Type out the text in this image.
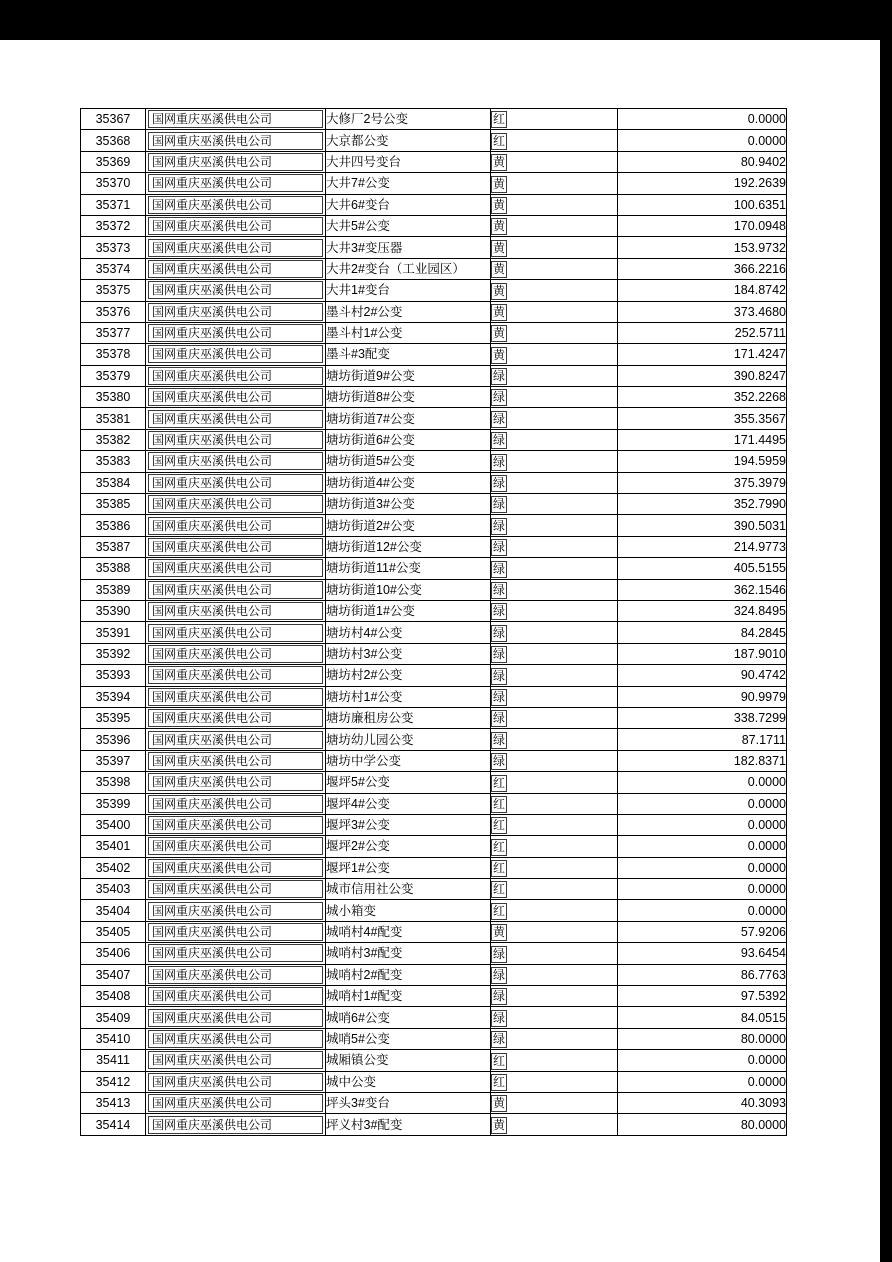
35367	国网重庆巫溪供电公司	大修厂2号公变	红	0.0000
35368	国网重庆巫溪供电公司	大京都公变	红	0.0000
35369	国网重庆巫溪供电公司	大井四号变台	黄	80.9402
35370	国网重庆巫溪供电公司	大井7#公变	黄	192.2639
35371	国网重庆巫溪供电公司	大井6#变台	黄	100.6351
35372	国网重庆巫溪供电公司	大井5#公变	黄	170.0948
35373	国网重庆巫溪供电公司	大井3#变压器	黄	153.9732
35374	国网重庆巫溪供电公司	大井2#变台（工业园区）	黄	366.2216
35375	国网重庆巫溪供电公司	大井1#变台	黄	184.8742
35376	国网重庆巫溪供电公司	墨斗村2#公变	黄	373.4680
35377	国网重庆巫溪供电公司	墨斗村1#公变	黄	252.5711
35378	国网重庆巫溪供电公司	墨斗#3配变	黄	171.4247
35379	国网重庆巫溪供电公司	塘坊街道9#公变	绿	390.8247
35380	国网重庆巫溪供电公司	塘坊街道8#公变	绿	352.2268
35381	国网重庆巫溪供电公司	塘坊街道7#公变	绿	355.3567
35382	国网重庆巫溪供电公司	塘坊街道6#公变	绿	171.4495
35383	国网重庆巫溪供电公司	塘坊街道5#公变	绿	194.5959
35384	国网重庆巫溪供电公司	塘坊街道4#公变	绿	375.3979
35385	国网重庆巫溪供电公司	塘坊街道3#公变	绿	352.7990
35386	国网重庆巫溪供电公司	塘坊街道2#公变	绿	390.5031
35387	国网重庆巫溪供电公司	塘坊街道12#公变	绿	214.9773
35388	国网重庆巫溪供电公司	塘坊街道11#公变	绿	405.5155
35389	国网重庆巫溪供电公司	塘坊街道10#公变	绿	362.1546
35390	国网重庆巫溪供电公司	塘坊街道1#公变	绿	324.8495
35391	国网重庆巫溪供电公司	塘坊村4#公变	绿	84.2845
35392	国网重庆巫溪供电公司	塘坊村3#公变	绿	187.9010
35393	国网重庆巫溪供电公司	塘坊村2#公变	绿	90.4742
35394	国网重庆巫溪供电公司	塘坊村1#公变	绿	90.9979
35395	国网重庆巫溪供电公司	塘坊廉租房公变	绿	338.7299
35396	国网重庆巫溪供电公司	塘坊幼儿园公变	绿	87.1711
35397	国网重庆巫溪供电公司	塘坊中学公变	绿	182.8371
35398	国网重庆巫溪供电公司	堰坪5#公变	红	0.0000
35399	国网重庆巫溪供电公司	堰坪4#公变	红	0.0000
35400	国网重庆巫溪供电公司	堰坪3#公变	红	0.0000
35401	国网重庆巫溪供电公司	堰坪2#公变	红	0.0000
35402	国网重庆巫溪供电公司	堰坪1#公变	红	0.0000
35403	国网重庆巫溪供电公司	城市信用社公变	红	0.0000
35404	国网重庆巫溪供电公司	城小箱变	红	0.0000
35405	国网重庆巫溪供电公司	城哨村4#配变	黄	57.9206
35406	国网重庆巫溪供电公司	城哨村3#配变	绿	93.6454
35407	国网重庆巫溪供电公司	城哨村2#配变	绿	86.7763
35408	国网重庆巫溪供电公司	城哨村1#配变	绿	97.5392
35409	国网重庆巫溪供电公司	城哨6#公变	绿	84.0515
35410	国网重庆巫溪供电公司	城哨5#公变	绿	80.0000
35411	国网重庆巫溪供电公司	城厢镇公变	红	0.0000
35412	国网重庆巫溪供电公司	城中公变	红	0.0000
35413	国网重庆巫溪供电公司	坪头3#变台	黄	40.3093
35414	国网重庆巫溪供电公司	坪义村3#配变	黄	80.0000
